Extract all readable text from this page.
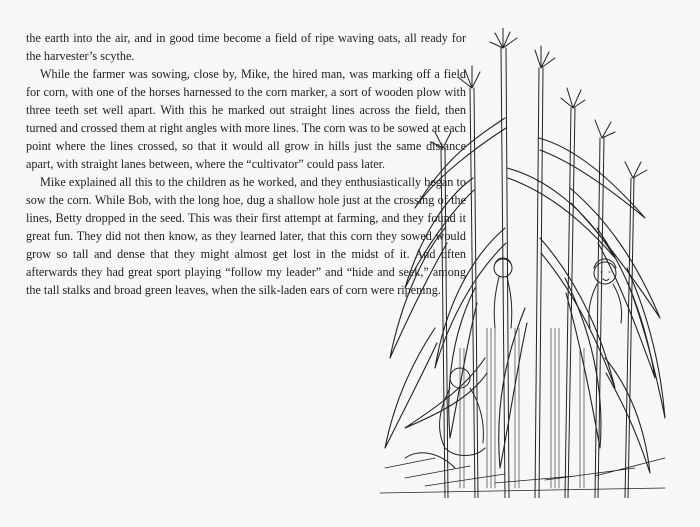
the earth into the air, and in good time become a field of ripe waving oats, all ready for the harvester’s scythe.

While the farmer was sowing, close by, Mike, the hired man, was marking off a field for corn, with one of the horses harnessed to the corn marker, a sort of wooden plow with three teeth set well apart. With this he marked out straight lines across the field, then turned and crossed them at right angles with more lines. The corn was to be sowed at each point where the lines crossed, so that it would all grow in hills just the same distance apart, with straight lanes between, where the “cultivator” could pass later.

Mike explained all this to the children as he worked, and they enthusiastically began to sow the corn. While Bob, with the long hoe, dug a shallow hole just at the crossing of the lines, Betty dropped in the seed. This was their first attempt at farming, and they found it great fun. They did not then know, as they learned later, that this corn they sowed would grow so tall and dense that they might almost get lost in the midst of it. And often afterwards they had great sport playing “follow my leader” and “hide and seek,” among the tall stalks and broad green leaves, when the silk-laden ears of corn were ripening.
